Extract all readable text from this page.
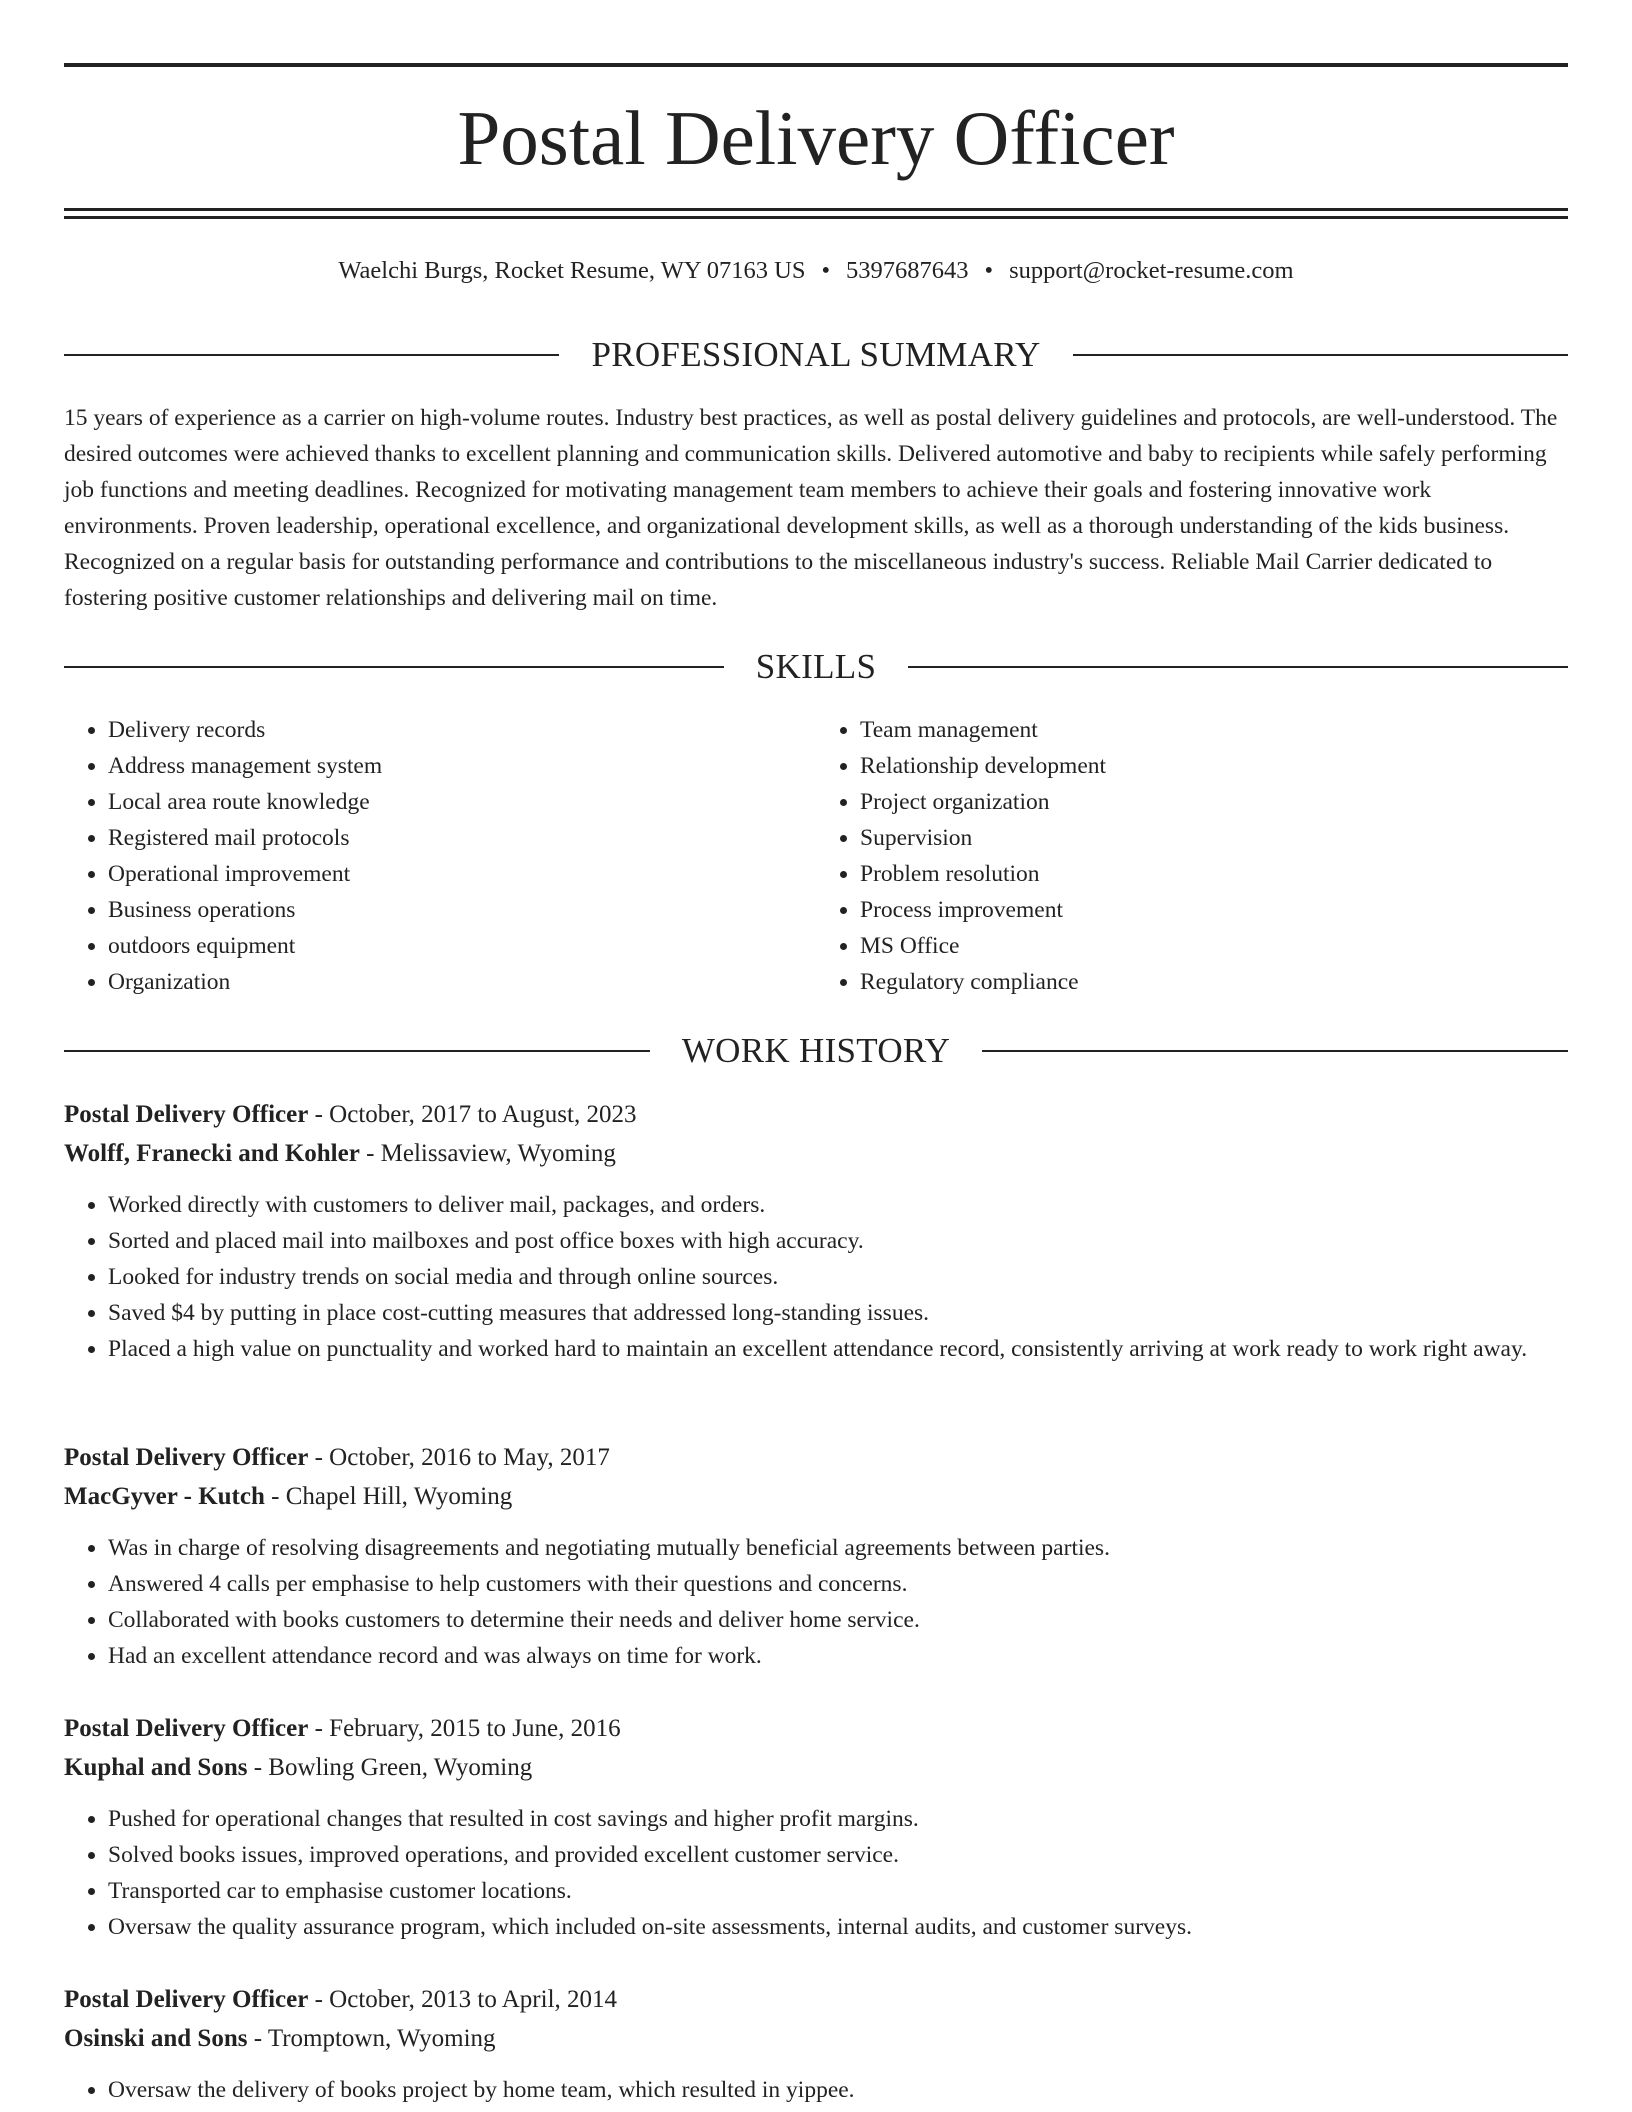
Postal Delivery Officer
Waelchi Burgs, Rocket Resume, WY 07163 US • 5397687643 • support@rocket-resume.com
PROFESSIONAL SUMMARY

15 years of experience as a carrier on high-volume routes. Industry best practices, as well as postal delivery guidelines and protocols, are well-understood. The desired outcomes were achieved thanks to excellent planning and communication skills. Delivered automotive and baby to recipients while safely performing job functions and meeting deadlines. Recognized for motivating management team members to achieve their goals and fostering innovative work environments. Proven leadership, operational excellence, and organizational development skills, as well as a thorough understanding of the kids business. Recognized on a regular basis for outstanding performance and contributions to the miscellaneous industry's success. Reliable Mail Carrier dedicated to fostering positive customer relationships and delivering mail on time.

SKILLS
• Delivery records
• Address management system
• Local area route knowledge
• Registered mail protocols
• Operational improvement
• Business operations
• outdoors equipment
• Organization
• Team management
• Relationship development
• Project organization
• Supervision
• Problem resolution
• Process improvement
• MS Office
• Regulatory compliance
WORK HISTORY
Postal Delivery Officer - October, 2017 to August, 2023
Wolff, Franecki and Kohler - Melissaview, Wyoming
• Worked directly with customers to deliver mail, packages, and orders.
• Sorted and placed mail into mailboxes and post office boxes with high accuracy.
• Looked for industry trends on social media and through online sources.
• Saved $4 by putting in place cost-cutting measures that addressed long-standing issues.
• Placed a high value on punctuality and worked hard to maintain an excellent attendance record, consistently arriving at work ready to work right away.
Postal Delivery Officer - October, 2016 to May, 2017
MacGyver - Kutch - Chapel Hill, Wyoming
• Was in charge of resolving disagreements and negotiating mutually beneficial agreements between parties.
• Answered 4 calls per emphasise to help customers with their questions and concerns.
• Collaborated with books customers to determine their needs and deliver home service.
• Had an excellent attendance record and was always on time for work.
Postal Delivery Officer - February, 2015 to June, 2016
Kuphal and Sons - Bowling Green, Wyoming
• Pushed for operational changes that resulted in cost savings and higher profit margins.
• Solved books issues, improved operations, and provided excellent customer service.
• Transported car to emphasise customer locations.
• Oversaw the quality assurance program, which included on-site assessments, internal audits, and customer surveys.
Postal Delivery Officer - October, 2013 to April, 2014
Osinski and Sons - Tromptown, Wyoming
• Oversaw the delivery of books project by home team, which resulted in yippee.
